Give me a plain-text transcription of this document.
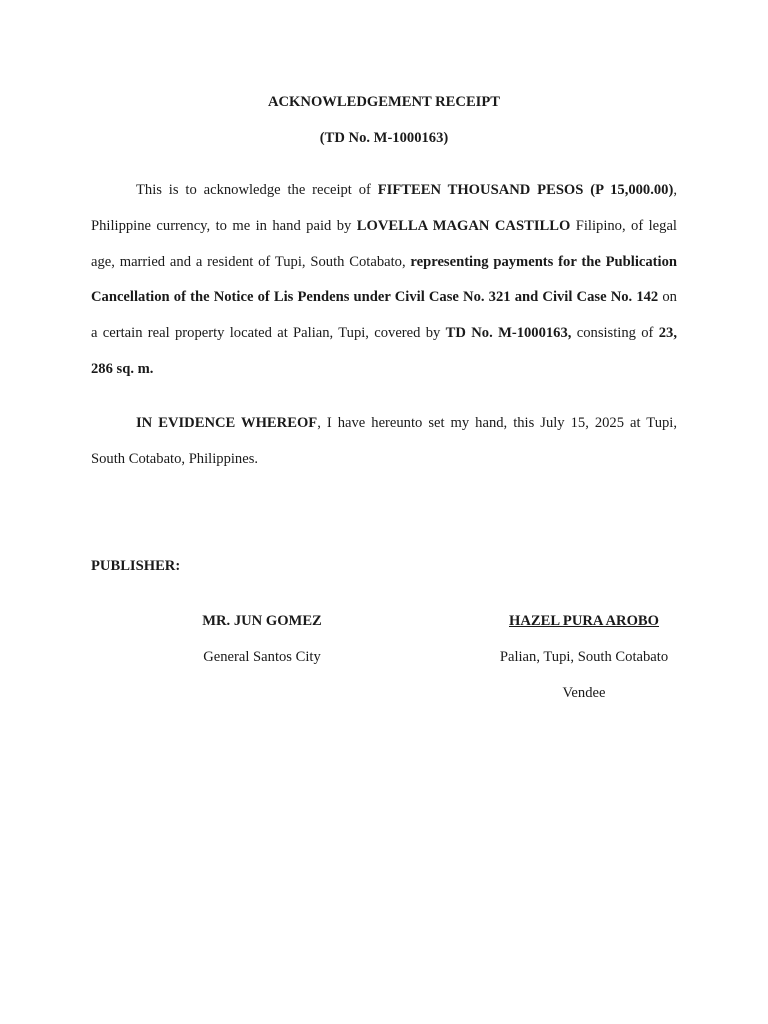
ACKNOWLEDGEMENT RECEIPT
(TD No. M-1000163)

This is to acknowledge the receipt of FIFTEEN THOUSAND PESOS (P 15,000.00), Philippine currency, to me in hand paid by LOVELLA MAGAN CASTILLO Filipino, of legal age, married and a resident of Tupi, South Cotabato, representing payments for the Publication Cancellation of the Notice of Lis Pendens under Civil Case No. 321 and Civil Case No. 142 on a certain real property located at Palian, Tupi, covered by TD No. M-1000163, consisting of 23, 286 sq. m.

IN EVIDENCE WHEREOF, I have hereunto set my hand, this July 15, 2025 at Tupi, South Cotabato, Philippines.

PUBLISHER:
MR. JUN GOMEZ
General Santos City
HAZEL PURA AROBO
Palian, Tupi, South Cotabato
Vendee
